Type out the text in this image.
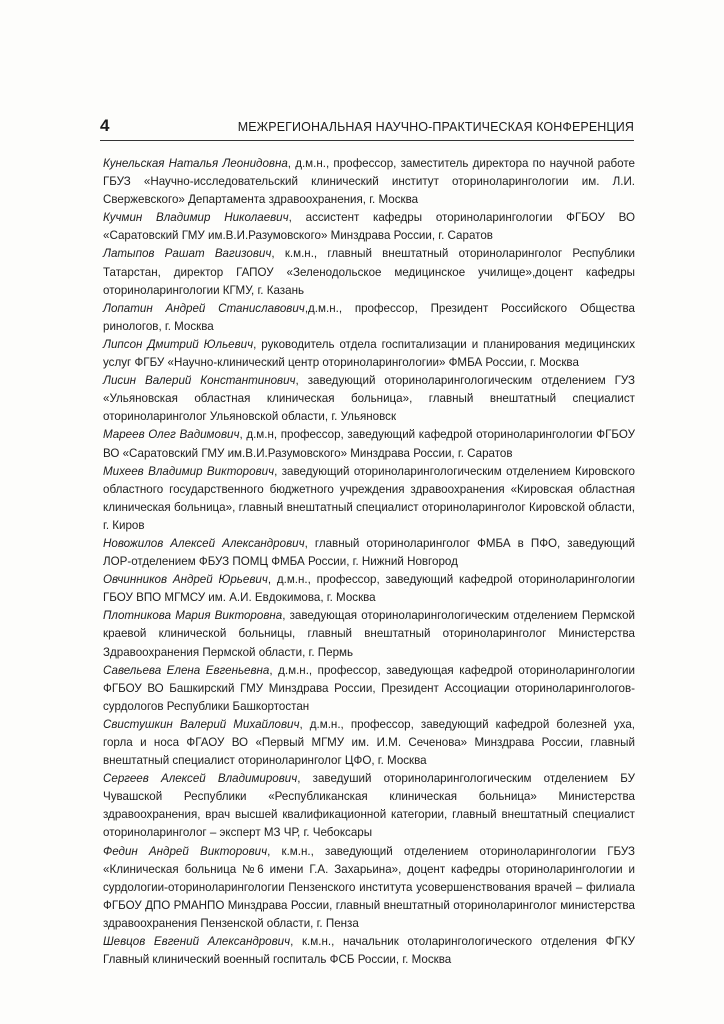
4	МЕЖРЕГИОНАЛЬНАЯ НАУЧНО-ПРАКТИЧЕСКАЯ КОНФЕРЕНЦИЯ

Кунельская Наталья Леонидовна, д.м.н., профессор, заместитель директора по научной работе ГБУЗ «Научно-исследовательский клинический институт оториноларингологии им. Л.И. Свержевского» Департамента здравоохранения, г. Москва

Кучмин Владимир Николаевич, ассистент кафедры оториноларингологии ФГБОУ ВО «Саратовский ГМУ им.В.И.Разумовского» Минздрава России, г. Саратов

Латыпов Рашат Вагизович, к.м.н., главный внештатный оториноларинголог Республики Татарстан, директор ГАПОУ «Зеленодольское медицинское училище»,доцент кафедры оториноларингологии КГМУ, г. Казань

Лопатин Андрей Станиславович,д.м.н., профессор, Президент Российского Общества ринологов, г. Москва

Липсон Дмитрий Юльевич, руководитель отдела госпитализации и планирования медицинских услуг ФГБУ «Научно-клинический центр оториноларингологии» ФМБА России, г. Москва

Лисин Валерий Константинович, заведующий оториноларингологическим отделением ГУЗ «Ульяновская областная клиническая больница», главный внештатный специалист оториноларинголог Ульяновской области, г. Ульяновск

Мареев Олег Вадимович, д.м.н, профессор, заведующий кафедрой оториноларингологии ФГБОУ ВО «Саратовский ГМУ им.В.И.Разумовского» Минздрава России, г. Саратов

Михеев Владимир Викторович, заведующий оториноларингологическим отделением Кировского областного государственного бюджетного учреждения здравоохранения «Кировская областная клиническая больница», главный внештатный специалист оториноларинголог Кировской области, г. Киров

Новожилов Алексей Александрович, главный оториноларинголог ФМБА в ПФО, заведующий ЛОР-отделением ФБУЗ ПОМЦ ФМБА России, г. Нижний Новгород

Овчинников Андрей Юрьевич, д.м.н., профессор, заведующий кафедрой оториноларингологии ГБОУ ВПО МГМСУ им. А.И. Евдокимова, г. Москва

Плотникова Мария Викторовна, заведующая оториноларингологическим отделением Пермской краевой клинической больницы, главный внештатный оториноларинголог Министерства Здравоохранения Пермской области, г. Пермь

Савельева Елена Евгеньевна, д.м.н., профессор, заведующая кафедрой оториноларингологии ФГБОУ ВО Башкирский ГМУ Минздрава России, Президент Ассоциации оториноларингологов-сурдологов Республики Башкортостан

Свистушкин Валерий Михайлович, д.м.н., профессор, заведующий кафедрой болезней уха, горла и носа ФГАОУ ВО «Первый МГМУ им. И.М. Сеченова» Минздрава России, главный внештатный специалист оториноларинголог ЦФО, г. Москва

Сергеев Алексей Владимирович, заведуший оториноларингологическим отделением БУ Чувашской Республики «Республиканская клиническая больница» Министерства здравоохранения, врач высшей квалификационной категории, главный внештатный специалист оториноларинголог – эксперт МЗ ЧР, г. Чебоксары

Федин Андрей Викторович, к.м.н., заведующий отделением оториноларингологии ГБУЗ «Клиническая больница №6 имени Г.А. Захарьина», доцент кафедры оториноларингологии и сурдологии-оториноларингологии Пензенского института усовершенствования врачей – филиала ФГБОУ ДПО РМАНПО Минздрава России, главный внештатный оториноларинголог министерства здравоохранения Пензенской области, г. Пенза

Шевцов Евгений Александрович, к.м.н., начальник отоларингологического отделения ФГКУ Главный клинический военный госпиталь ФСБ России, г. Москва
